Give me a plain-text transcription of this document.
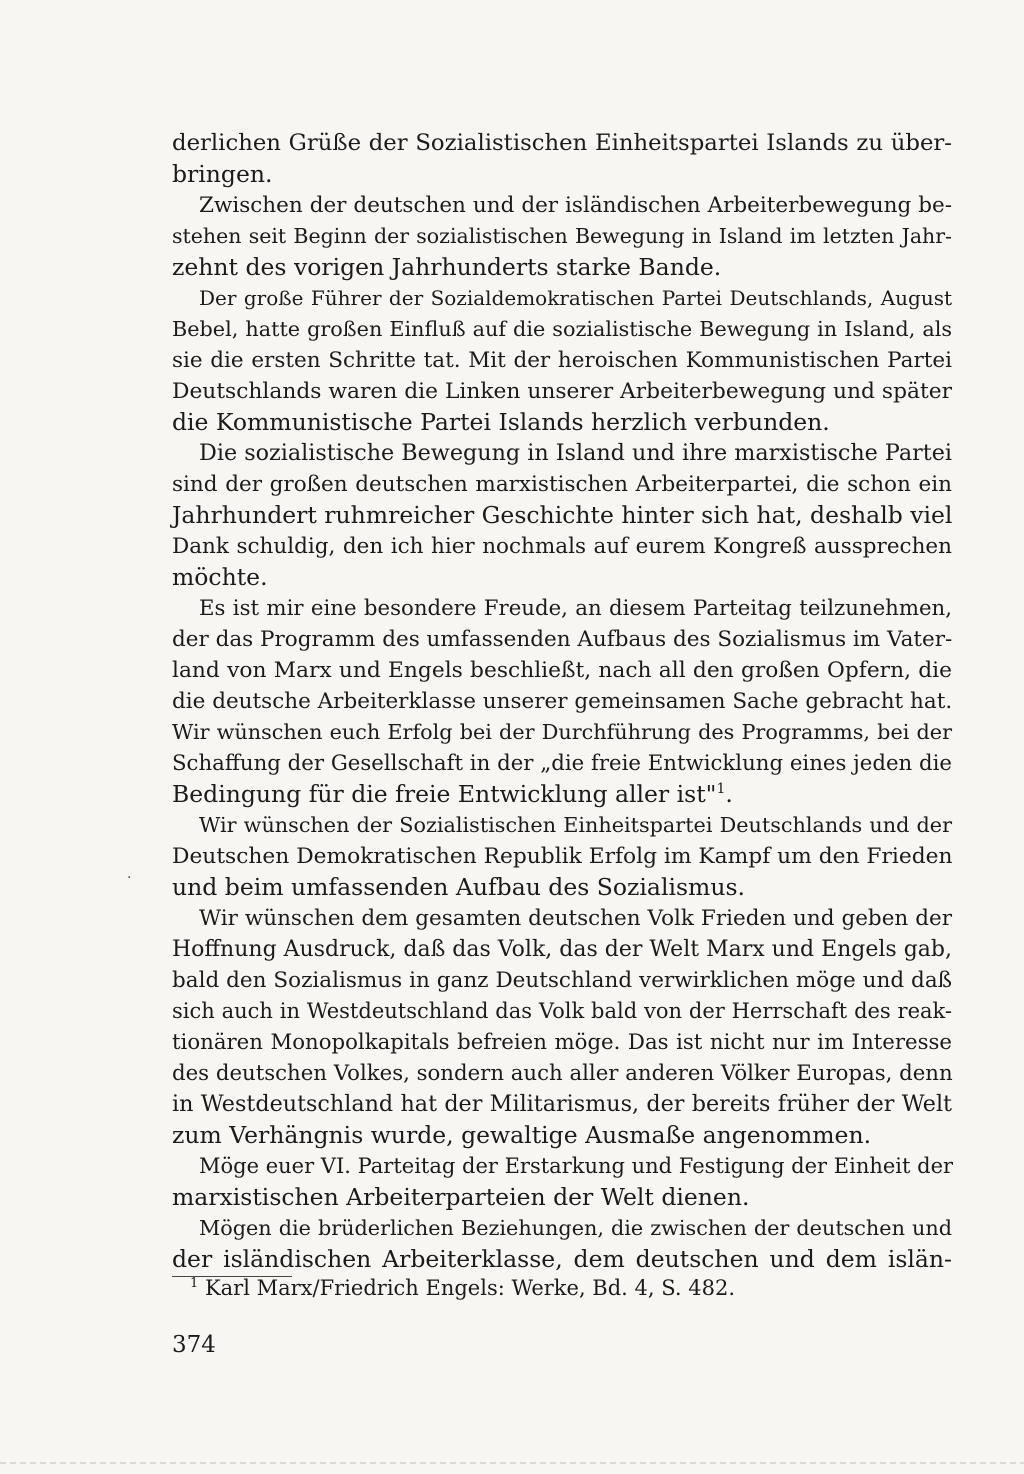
derlichen Grüße der Sozialistischen Einheitspartei Islands zu über-
bringen.
Zwischen der deutschen und der isländischen Arbeiterbewegung be-
stehen seit Beginn der sozialistischen Bewegung in Island im letzten Jahr-
zehnt des vorigen Jahrhunderts starke Bande.
Der große Führer der Sozialdemokratischen Partei Deutschlands, August
Bebel, hatte großen Einfluß auf die sozialistische Bewegung in Island, als
sie die ersten Schritte tat. Mit der heroischen Kommunistischen Partei
Deutschlands waren die Linken unserer Arbeiterbewegung und später
die Kommunistische Partei Islands herzlich verbunden.
Die sozialistische Bewegung in Island und ihre marxistische Partei
sind der großen deutschen marxistischen Arbeiterpartei, die schon ein
Jahrhundert ruhmreicher Geschichte hinter sich hat, deshalb viel
Dank schuldig, den ich hier nochmals auf eurem Kongreß aussprechen
möchte.
Es ist mir eine besondere Freude, an diesem Parteitag teilzunehmen,
der das Programm des umfassenden Aufbaus des Sozialismus im Vater-
land von Marx und Engels beschließt, nach all den großen Opfern, die
die deutsche Arbeiterklasse unserer gemeinsamen Sache gebracht hat.
Wir wünschen euch Erfolg bei der Durchführung des Programms, bei der
Schaffung der Gesellschaft in der „die freie Entwicklung eines jeden die
Bedingung für die freie Entwicklung aller ist"$^1$.
Wir wünschen der Sozialistischen Einheitspartei Deutschlands und der
Deutschen Demokratischen Republik Erfolg im Kampf um den Frieden
und beim umfassenden Aufbau des Sozialismus.
Wir wünschen dem gesamten deutschen Volk Frieden und geben der
Hoffnung Ausdruck, daß das Volk, das der Welt Marx und Engels gab,
bald den Sozialismus in ganz Deutschland verwirklichen möge und daß
sich auch in Westdeutschland das Volk bald von der Herrschaft des reak-
tionären Monopolkapitals befreien möge. Das ist nicht nur im Interesse
des deutschen Volkes, sondern auch aller anderen Völker Europas, denn
in Westdeutschland hat der Militarismus, der bereits früher der Welt
zum Verhängnis wurde, gewaltige Ausmaße angenommen.
Möge euer VI. Parteitag der Erstarkung und Festigung der Einheit der
marxistischen Arbeiterparteien der Welt dienen.
Mögen die brüderlichen Beziehungen, die zwischen der deutschen und
der isländischen Arbeiterklasse, dem deutschen und dem islän-
·
$^1$ Karl Marx/Friedrich Engels: Werke, Bd. 4, S. 482.
374
